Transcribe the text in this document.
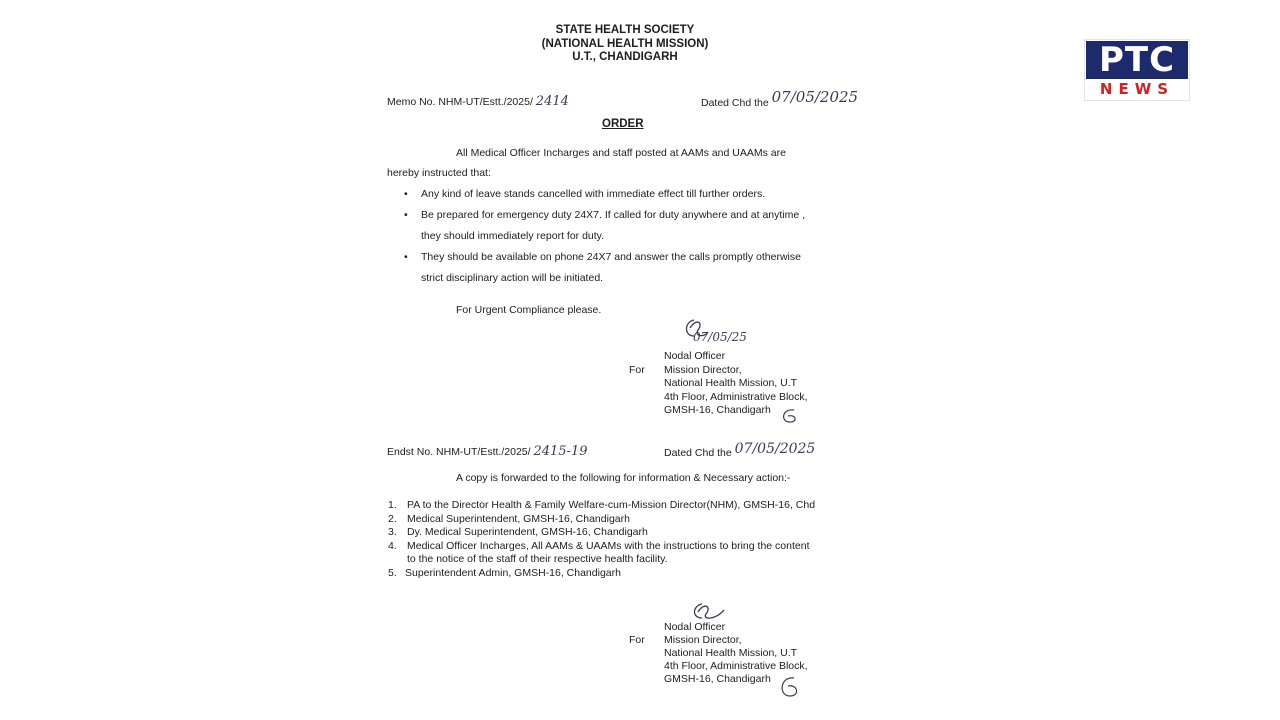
PTC
NEWS
STATE HEALTH SOCIETY
(NATIONAL HEALTH MISSION)
U.T., CHANDIGARH
Memo No. NHM-UT/Estt./2025/ 2414	Dated Chd the 07/05/2025
ORDER
All Medical Officer Incharges and staff posted at AAMs and UAAMs are
hereby instructed that:
• Any kind of leave stands cancelled with immediate effect till further orders.
• Be prepared for emergency duty 24X7. If called for duty anywhere and at anytime ,
they should immediately report for duty.
• They should be available on phone 24X7 and answer the calls promptly otherwise
strict disciplinary action will be initiated.
For Urgent Compliance please.
07/05/25
For
Nodal Officer
Mission Director,
National Health Mission, U.T
4th Floor, Administrative Block,
GMSH-16, Chandigarh
Endst No. NHM-UT/Estt./2025/ 2415-19	Dated Chd the 07/05/2025
A copy is forwarded to the following for information & Necessary action:-
1. PA to the Director Health & Family Welfare-cum-Mission Director(NHM), GMSH-16, Chd
2. Medical Superintendent, GMSH-16, Chandigarh
3. Dy. Medical Superintendent, GMSH-16, Chandigarh
4. Medical Officer Incharges, All AAMs & UAAMs with the instructions to bring the content
to the notice of the staff of their respective health facility.
5. Superintendent Admin, GMSH-16, Chandigarh
For
Nodal Officer
Mission Director,
National Health Mission, U.T
4th Floor, Administrative Block,
GMSH-16, Chandigarh
